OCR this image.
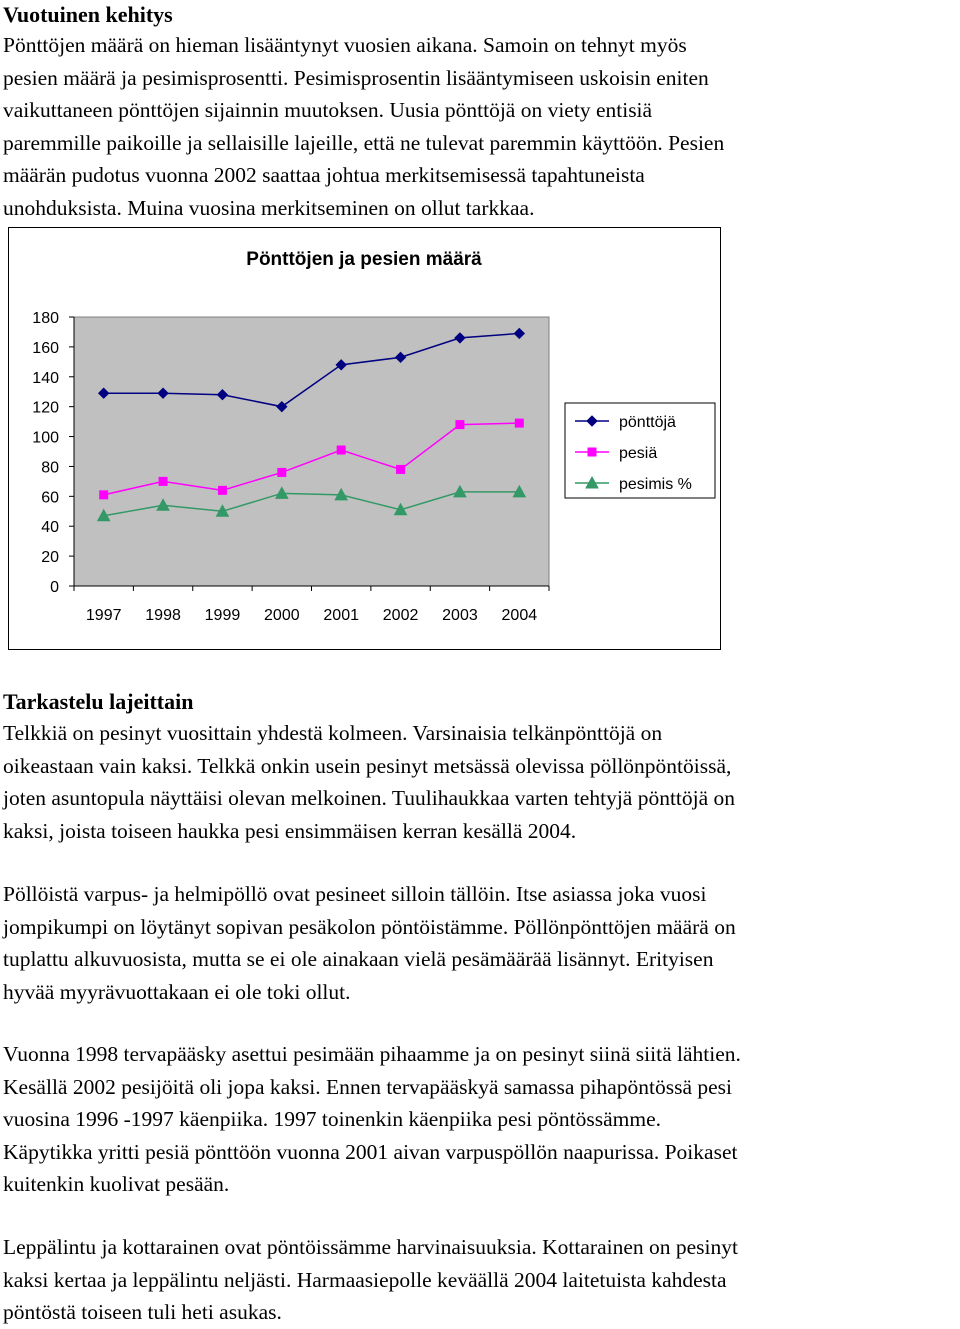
Vuotuinen kehitys
Pönttöjen määrä on hieman lisääntynyt vuosien aikana. Samoin on tehnyt myös
pesien määrä ja pesimisprosentti. Pesimisprosentin lisääntymiseen uskoisin eniten
vaikuttaneen pönttöjen sijainnin muutoksen. Uusia pönttöjä on viety entisiä
paremmille paikoille ja sellaisille lajeille, että ne tulevat paremmin käyttöön. Pesien
määrän pudotus vuonna 2002 saattaa johtua merkitsemisessä tapahtuneista
unohduksista. Muina vuosina merkitseminen on ollut tarkkaa.
Pönttöjen ja pesien määrä
0
20
40
60
80
100
120
140
160
180
1997 1998 1999 2000 2001 2002 2003 2004
pönttöjä
pesiä
pesimis %
Tarkastelu lajeittain
Telkkiä on pesinyt vuosittain yhdestä kolmeen. Varsinaisia telkänpönttöjä on
oikeastaan vain kaksi. Telkkä onkin usein pesinyt metsässä olevissa pöllönpöntöissä,
joten asuntopula näyttäisi olevan melkoinen. Tuulihaukkaa varten tehtyjä pönttöjä on
kaksi, joista toiseen haukka pesi ensimmäisen kerran kesällä 2004.
Pöllöistä varpus- ja helmipöllö ovat pesineet silloin tällöin. Itse asiassa joka vuosi
jompikumpi on löytänyt sopivan pesäkolon pöntöistämme. Pöllönpönttöjen määrä on
tuplattu alkuvuosista, mutta se ei ole ainakaan vielä pesämäärää lisännyt. Erityisen
hyvää myyrävuottakaan ei ole toki ollut.
Vuonna 1998 tervapääsky asettui pesimään pihaamme ja on pesinyt siinä siitä lähtien.
Kesällä 2002 pesijöitä oli jopa kaksi. Ennen tervapääskyä samassa pihapöntössä pesi
vuosina 1996 -1997 käenpiika. 1997 toinenkin käenpiika pesi pöntössämme.
Käpytikka yritti pesiä pönttöön vuonna 2001 aivan varpuspöllön naapurissa. Poikaset
kuitenkin kuolivat pesään.
Leppälintu ja kottarainen ovat pöntöissämme harvinaisuuksia. Kottarainen on pesinyt
kaksi kertaa ja leppälintu neljästi. Harmaasiepolle keväällä 2004 laitetuista kahdesta
pöntöstä toiseen tuli heti asukas.
